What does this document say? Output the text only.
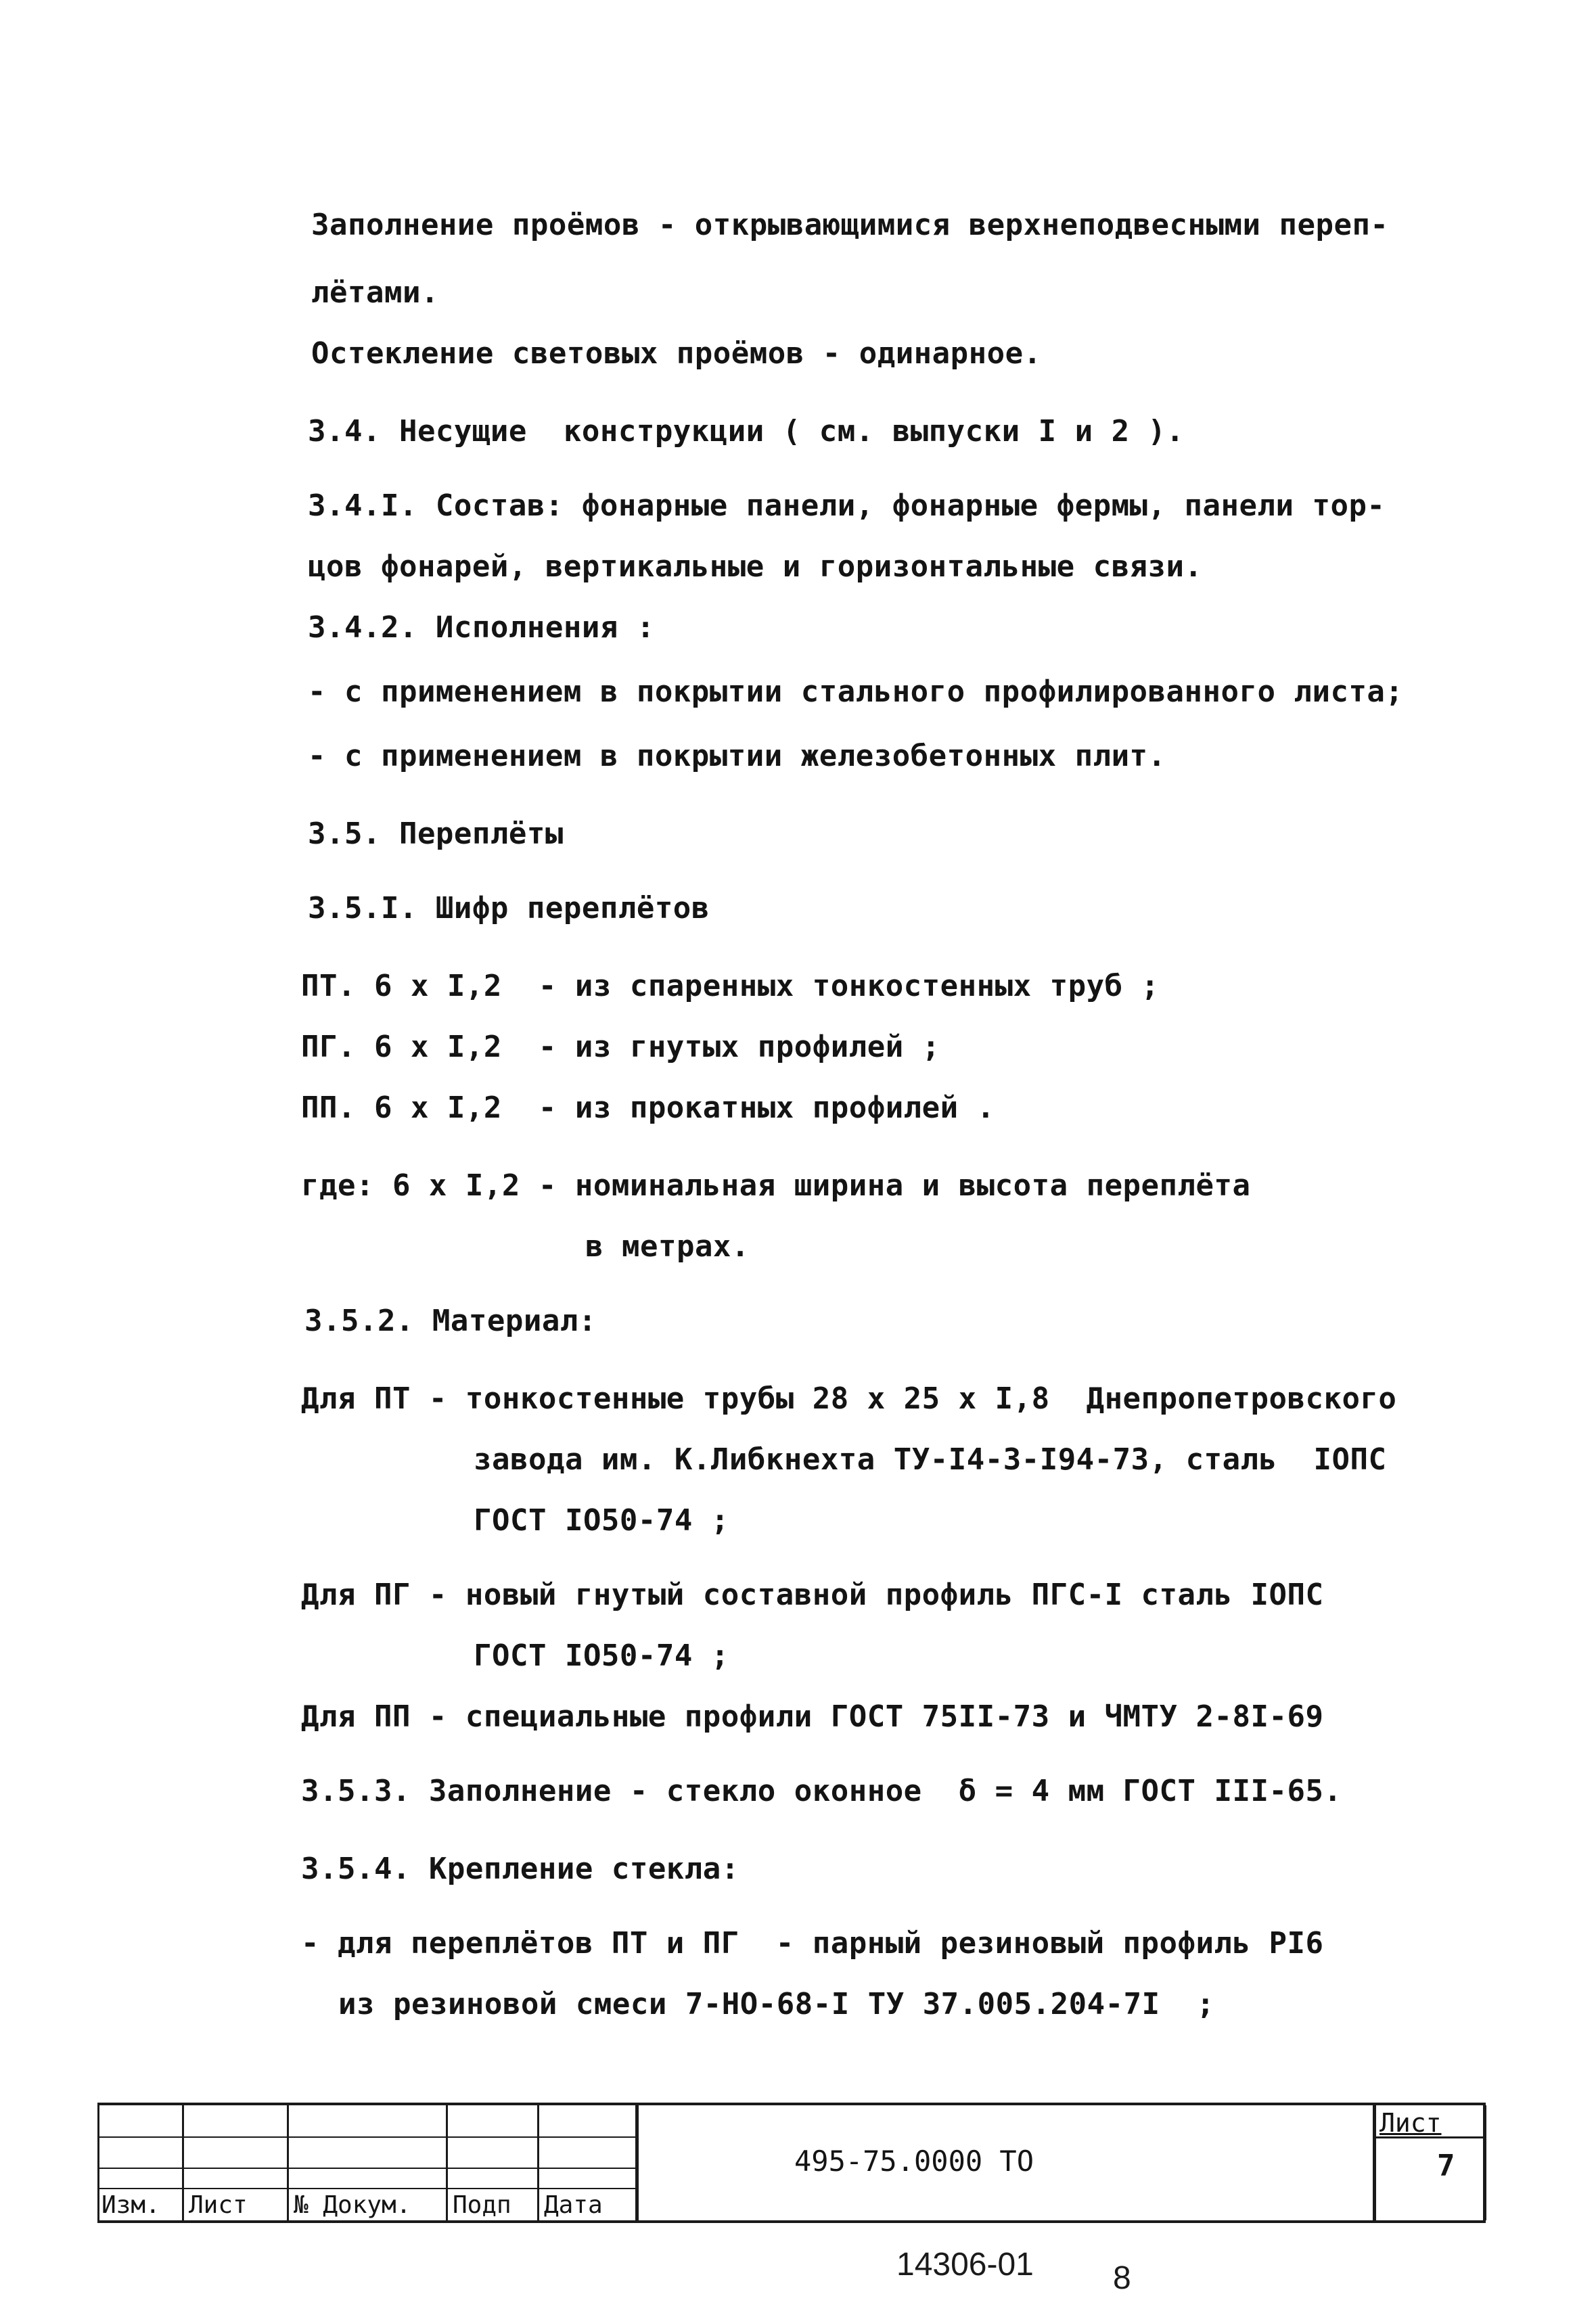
Заполнение проёмов - открывающимися верхнеподвесными переп-

лётами.

Остекление световых проёмов - одинарное.

3.4. Несущие  конструкции ( см. выпуски I и 2 ).

3.4.I. Состав: фонарные панели, фонарные фермы, панели тор-

цов фонарей, вертикальные и горизонтальные связи.

3.4.2. Исполнения :

- с применением в покрытии стального профилированного листа;

- с применением в покрытии железобетонных плит.

3.5. Переплёты

3.5.I. Шифр переплётов

ПТ. 6 х I,2  - из спаренных тонкостенных труб ;

ПГ. 6 х I,2  - из гнутых профилей ;

ПП. 6 х I,2  - из прокатных профилей .

где: 6 х I,2 - номинальная ширина и высота переплёта

в метрах.

3.5.2. Материал:

Для ПТ - тонкостенные трубы 28 х 25 х I,8  Днепропетровского

завода им. К.Либкнехта ТУ-I4-3-I94-73, сталь  IОПС

ГОСТ IО50-74 ;

Для ПГ - новый гнутый составной профиль ПГС-I сталь IОПС

ГОСТ IО50-74 ;

Для ПП - специальные профили ГОСТ 75II-73 и ЧМТУ 2-8I-69

3.5.3. Заполнение - стекло оконное  δ = 4 мм ГОСТ III-65.

3.5.4. Крепление стекла:

- для переплётов ПТ и ПГ  - парный резиновый профиль РI6

из резиновой смеси 7-НО-68-I ТУ 37.005.204-7I  ;

Изм. Лист № Докум. Подп Дата
495-75.0000 ТО
Лист
7
14306-01 8
